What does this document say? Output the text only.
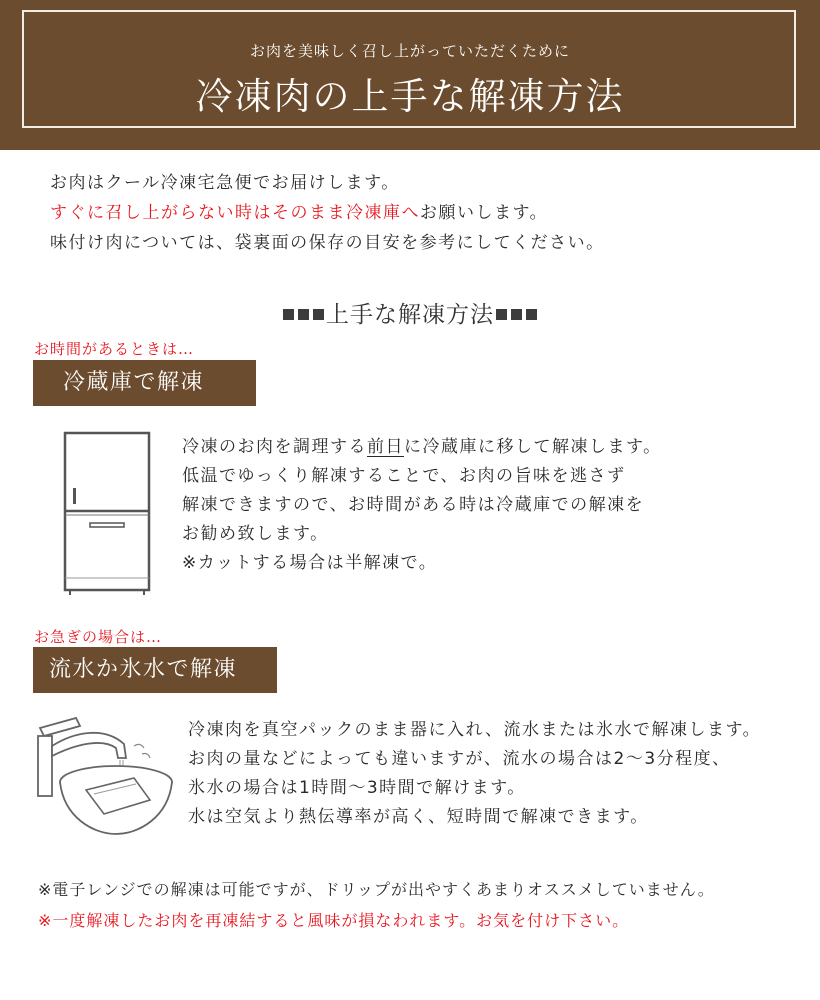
お肉を美味しく召し上がっていただくために
冷凍肉の上手な解凍方法
お肉はクール冷凍宅急便でお届けします。
すぐに召し上がらない時はそのまま冷凍庫へお願いします。
味付け肉については、袋裏面の保存の目安を参考にしてください。
上手な解凍方法
お時間があるときは…
冷蔵庫で解凍
冷凍のお肉を調理する前日に冷蔵庫に移して解凍します。
低温でゆっくり解凍することで、お肉の旨味を逃さず
解凍できますので、お時間がある時は冷蔵庫での解凍を
お勧め致します。
※カットする場合は半解凍で。
お急ぎの場合は…
流水か氷水で解凍
冷凍肉を真空パックのまま器に入れ、流水または氷水で解凍します。
お肉の量などによっても違いますが、流水の場合は2～3分程度、
氷水の場合は1時間～3時間で解けます。
水は空気より熱伝導率が高く、短時間で解凍できます。
※電子レンジでの解凍は可能ですが、ドリップが出やすくあまりオススメしていません。
※一度解凍したお肉を再凍結すると風味が損なわれます。お気を付け下さい。
